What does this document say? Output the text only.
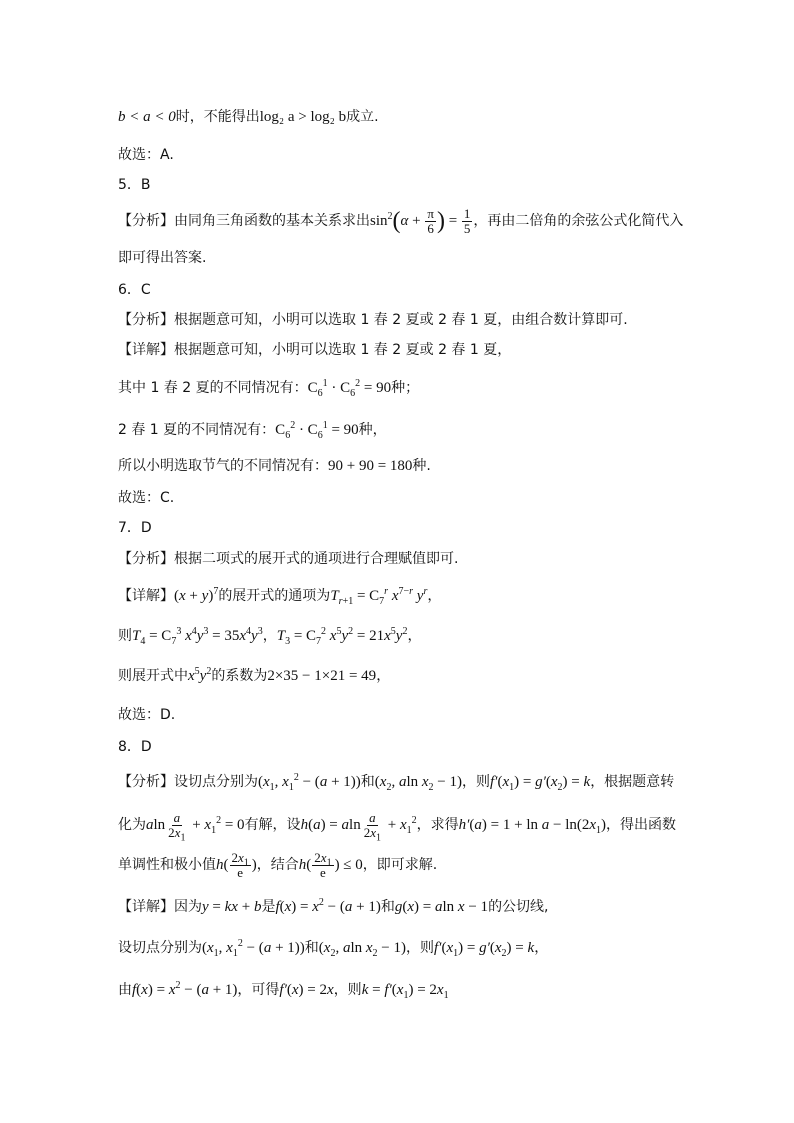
b < a < 0时，不能得出log₂ a > log₂ b成立.
故选：A.
5．B
【分析】由同角三角函数的基本关系求出$\sin^2(\alpha + \frac{\pi}{6}$ ) = $\frac{1}{5}$ ，再由二倍角的余弦公式化简代入
即可得出答案.
6．C
【分析】根据题意可知，小明可以选取 1 春 2 夏或 2 春 1 夏，由组合数计算即可.
【详解】根据题意可知，小明可以选取 1 春 2 夏或 2 春 1 夏，
其中 1 春 2 夏的不同情况有：$C_6^1 \cdot C_6^2 = 90$种；
2 春 1 夏的不同情况有：$C_6^2 \cdot C_6^1 = 90$种，
所以小明选取节气的不同情况有：90 + 90 = 180种.
故选：C.
7．D
【分析】根据二项式的展开式的通项进行合理赋值即可.
【详解】$(x + y)^7$的展开式的通项为$T_{r+1} = C_7^r$ $x^{7-r}$ $y^r$，
则$T_4 = C_7^3$ $x^4y^3 = 35x^4y^3$，$T_3 = C_7^2$ $x^5y^2 = 21x^5y^2$，
则展开式中$x^5y^2$的系数为2×35 − 1×21 = 49，
故选：D.
8．D
【分析】设切点分别为($x_1$, $x_1^2 - (a + 1)$)和($x_2$, aln $x_2 - 1$)，则$f'(x_1) = g'(x_2) = k$，根据题意转
化为aln $\frac{a}{2x_1} + x_1^2 = 0$有解，设h(a) = aln $\frac{a}{2x_1} + x_1^2$，求得$h'(a) = 1 + \ln a - \ln(2x_1)$，得出函数
单调性和极小值$h( \frac{2x_1}{e}$ )，结合$h( \frac{2x_1}{e}$ ) ≤ 0，即可求解.
【详解】因为y = kx + b是$f(x) = x^2 - (a + 1)$和g(x) = aln x − 1的公切线,
设切点分别为($x_1$, $x_1^2 - (a + 1)$)和($x_2$, aln $x_2 - 1$)，则$f'(x_1) = g'(x_2) = k$，
由$f(x) = x^2 - (a + 1)$，可得f′(x) = 2x，则$k = f'(x_1) = 2x_1$
